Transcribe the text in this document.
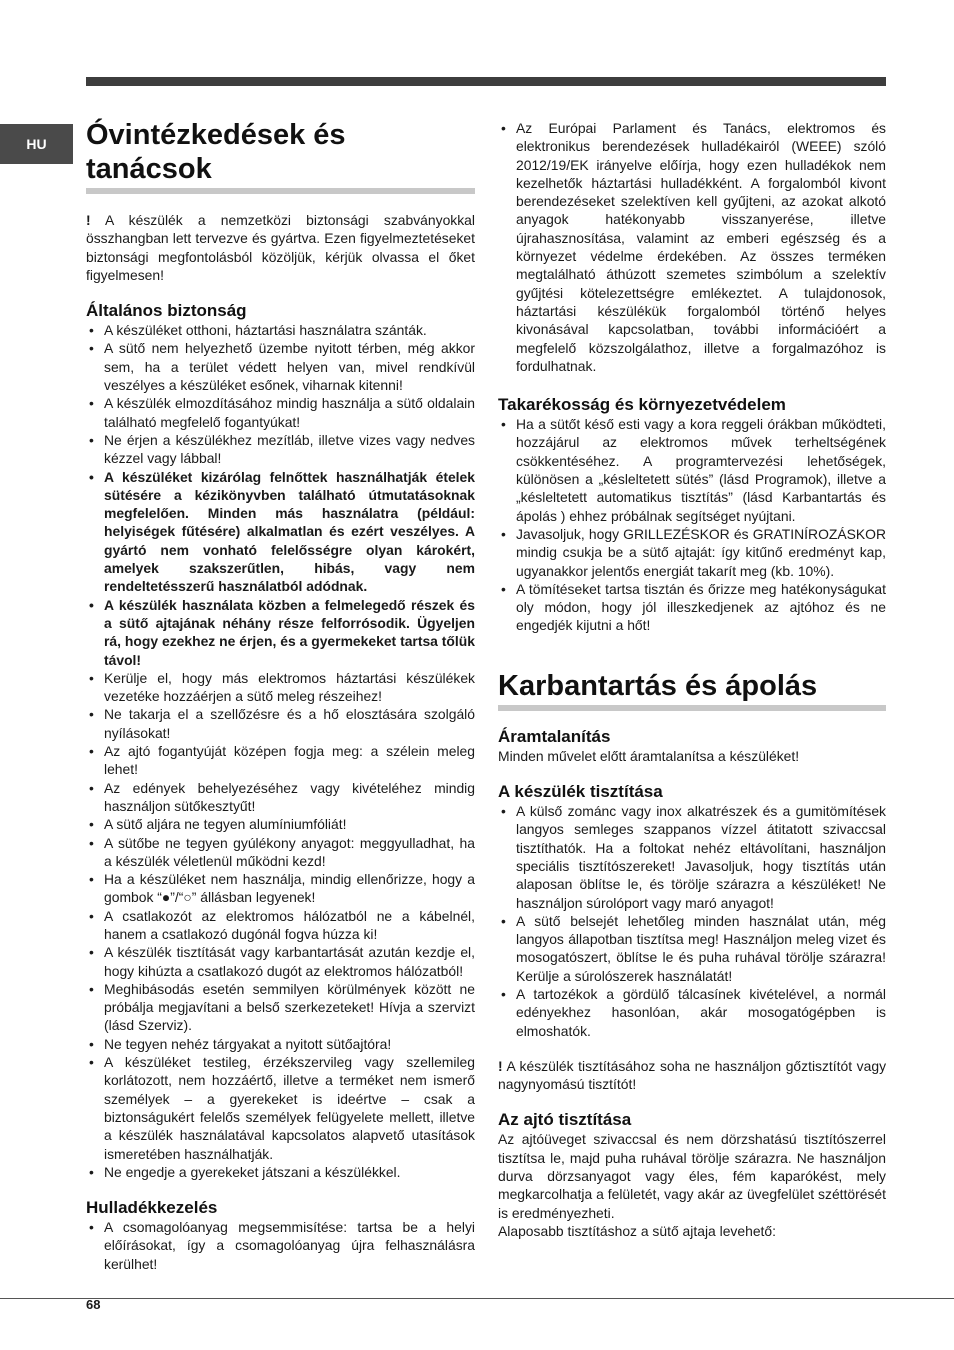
HU	Óvintézkedések és tanácsok

! A készülék a nemzetközi biztonsági szabványokkal összhangban lett tervezve és gyártva. Ezen figyelmeztetéseket biztonsági megfontolásból közöljük, kérjük olvassa el őket figyelmesen!

Általános biztonság
• A készüléket otthoni, háztartási használatra szánták.
• A sütő nem helyezhető üzembe nyitott térben, még akkor sem, ha a terület védett helyen van, mivel rendkívül veszélyes a készüléket esőnek, viharnak kitenni!
• A készülék elmozdításához mindig használja a sütő oldalain található megfelelő fogantyúkat!
• Ne érjen a készülékhez mezítláb, illetve vizes vagy nedves kézzel vagy lábbal!
• A készüléket kizárólag felnőttek használhatják ételek sütésére a kézikönyvben található útmutatásoknak megfelelően. Minden más használatra (például: helyiségek fűtésére) alkalmatlan és ezért veszélyes. A gyártó nem vonható felelősségre olyan károkért, amelyek szakszerűtlen, hibás, vagy nem rendeltetésszerű használatból adódnak.
• A készülék használata közben a felmelegedő részek és a sütő ajtajának néhány része felforrósodik. Ügyeljen rá, hogy ezekhez ne érjen, és a gyermekeket tartsa tőlük távol!
• Kerülje el, hogy más elektromos háztartási készülékek vezetéke hozzáérjen a sütő meleg részeihez!
• Ne takarja el a szellőzésre és a hő elosztására szolgáló nyílásokat!
• Az ajtó fogantyúját középen fogja meg: a szélein meleg lehet!
• Az edények behelyezéséhez vagy kivételéhez mindig használjon sütőkesztyűt!
• A sütő aljára ne tegyen alumíniumfóliát!
• A sütőbe ne tegyen gyúlékony anyagot: meggyulladhat, ha a készülék véletlenül működni kezd!
• Ha a készüléket nem használja, mindig ellenőrizze, hogy a gombok “●”/“○” állásban legyenek!
• A csatlakozót az elektromos hálózatból ne a kábelnél, hanem a csatlakozó dugónál fogva húzza ki!
• A készülék tisztítását vagy karbantartását azután kezdje el, hogy kihúzta a csatlakozó dugót az elektromos hálózatból!
• Meghibásodás esetén semmilyen körülmények között ne próbálja megjavítani a belső szerkezeteket! Hívja a szervizt (lásd Szerviz).
• Ne tegyen nehéz tárgyakat a nyitott sütőajtóra!
• A készüléket testileg, érzékszervileg vagy szellemileg korlátozott, nem hozzáértő, illetve a terméket nem ismerő személyek – a gyerekeket is ideértve – csak a biztonságukért felelős személyek felügyelete mellett, illetve a készülék használatával kapcsolatos alapvető utasítások ismeretében használhatják.
• Ne engedje a gyerekeket játszani a készülékkel.
Hulladékkezelés
• A csomagolóanyag megsemmisítése: tartsa be a helyi előírásokat, így a csomagolóanyag újra felhasználásra kerülhet!
• Az Európai Parlament és Tanács, elektromos és elektronikus berendezések hulladékairól (WEEE) szóló 2012/19/EK irányelve előírja, hogy ezen hulladékok nem kezelhetők háztartási hulladékként. A forgalomból kivont berendezéseket szelektíven kell gyűjteni, az azokat alkotó anyagok hatékonyabb visszanyerése, illetve újrahasznosítása, valamint az emberi egészség és a környezet védelme érdekében. Az összes terméken megtalálható áthúzott szemetes szimbólum a szelektív gyűjtési kötelezettségre emlékeztet. A tulajdonosok, háztartási készülékük forgalomból történő helyes kivonásával kapcsolatban, további információért a megfelelő közszolgálathoz, illetve a forgalmazóhoz is fordulhatnak.
Takarékosság és környezetvédelem
• Ha a sütőt késő esti vagy a kora reggeli órákban működteti, hozzájárul az elektromos művek terheltségének csökkentéséhez. A programtervezési lehetőségek, különösen a „késleltetett sütés” (lásd Programok), illetve a „késleltetett automatikus tisztítás” (lásd Karbantartás és ápolás ) ehhez próbálnak segítséget nyújtani.
• Javasoljuk, hogy GRILLEZÉSKOR és GRATINÍROZÁSKOR mindig csukja be a sütő ajtaját: így kitűnő eredményt kap, ugyanakkor jelentős energiát takarít meg (kb. 10%).
• A tömítéseket tartsa tisztán és őrizze meg hatékonyságukat oly módon, hogy jól illeszkedjenek az ajtóhoz és ne engedjék kijutni a hőt!
Karbantartás és ápolás
Áramtalanítás

Minden művelet előtt áramtalanítsa a készüléket!

A készülék tisztítása
• A külső zománc vagy inox alkatrészek és a gumitömítések langyos semleges szappanos vízzel átitatott szivaccsal tisztíthatók. Ha a foltokat nehéz eltávolítani, használjon speciális tisztítószereket! Javasoljuk, hogy tisztítás után alaposan öblítse le, és törölje szárazra a készüléket! Ne használjon súrolóport vagy maró anyagot!
• A sütő belsejét lehetőleg minden használat után, még langyos állapotban tisztítsa meg! Használjon meleg vizet és mosogatószert, öblítse le és puha ruhával törölje szárazra! Kerülje a súrolószerek használatát!
• A tartozékok a gördülő tálcasínek kivételével, a normál edényekhez hasonlóan, akár mosogatógépben is elmoshatók.

! A készülék tisztításához soha ne használjon gőztisztítót vagy nagynyomású tisztítót!

Az ajtó tisztítása

Az ajtóüveget szivaccsal és nem dörzshatású tisztítószerrel tisztítsa le, majd puha ruhával törölje szárazra. Ne használjon durva dörzsanyagot vagy éles, fém kaparókést, mely megkarcolhatja a felületét, vagy akár az üvegfelület széttörését is eredményezheti.

Alaposabb tisztításhoz a sütő ajtaja levehető:

68
